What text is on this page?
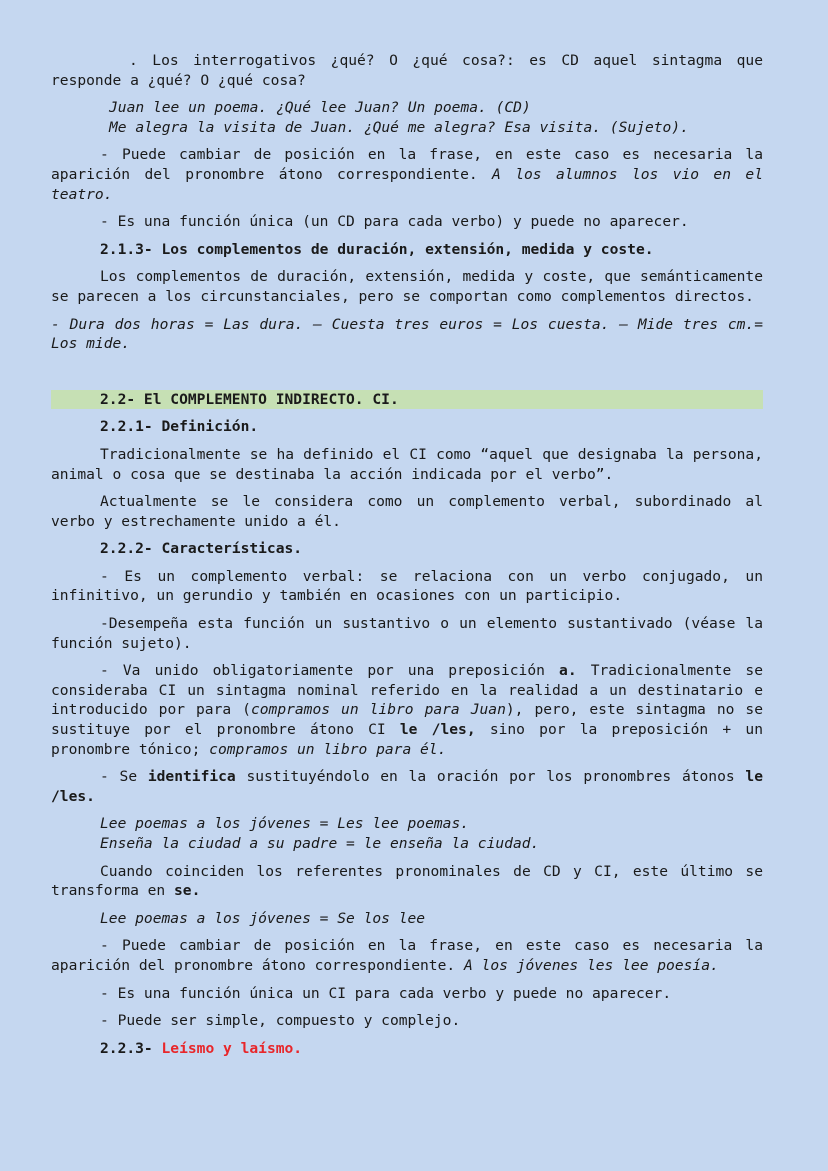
. Los interrogativos ¿qué? O ¿qué cosa?: es CD aquel sintagma que responde a ¿qué? O ¿qué cosa?

Juan lee un poema. ¿Qué lee Juan? Un poema. (CD)

Me alegra la visita de Juan. ¿Qué me alegra? Esa visita. (Sujeto).

- Puede cambiar de posición en la frase, en este caso es necesaria la aparición del pronombre átono correspondiente. A los alumnos los vio en el teatro.

- Es una función única (un CD para cada verbo) y puede no aparecer.

2.1.3- Los complementos de duración, extensión, medida y coste.

Los complementos de duración, extensión, medida y coste, que semánticamente se parecen a los circunstanciales, pero se comportan como complementos directos.

- Dura dos horas = Las dura. – Cuesta tres euros = Los cuesta. – Mide tres cm.= Los mide.

2.2- El COMPLEMENTO INDIRECTO. CI.

2.2.1- Definición.

Tradicionalmente se ha definido el CI como “aquel que designaba la persona, animal o cosa que se destinaba la acción indicada por el verbo”.

Actualmente se le considera como un complemento verbal, subordinado al verbo y estrechamente unido a él.

2.2.2- Características.

- Es un complemento verbal: se relaciona con un verbo conjugado, un infinitivo, un gerundio y también en ocasiones con un participio.

-Desempeña esta función un sustantivo o un elemento sustantivado (véase la función sujeto).

- Va unido obligatoriamente por una preposición a. Tradicionalmente se consideraba CI un sintagma nominal referido en la realidad a un destinatario e introducido por para (compramos un libro para Juan), pero, este sintagma no se sustituye por el pronombre átono CI le /les, sino por la preposición + un pronombre tónico; compramos un libro para él.

- Se identifica sustituyéndolo en la oración por los pronombres átonos le /les.

Lee poemas a los jóvenes = Les lee poemas.

Enseña la ciudad a su padre = le enseña la ciudad.

Cuando coinciden los referentes pronominales de CD y CI, este último se transforma en se.

Lee poemas a los jóvenes = Se los lee

- Puede cambiar de posición en la frase, en este caso es necesaria la aparición del pronombre átono correspondiente. A los jóvenes les lee poesía.

- Es una función única un CI para cada verbo y puede no aparecer.

- Puede ser simple, compuesto y complejo.

2.2.3- Leísmo y laísmo.
